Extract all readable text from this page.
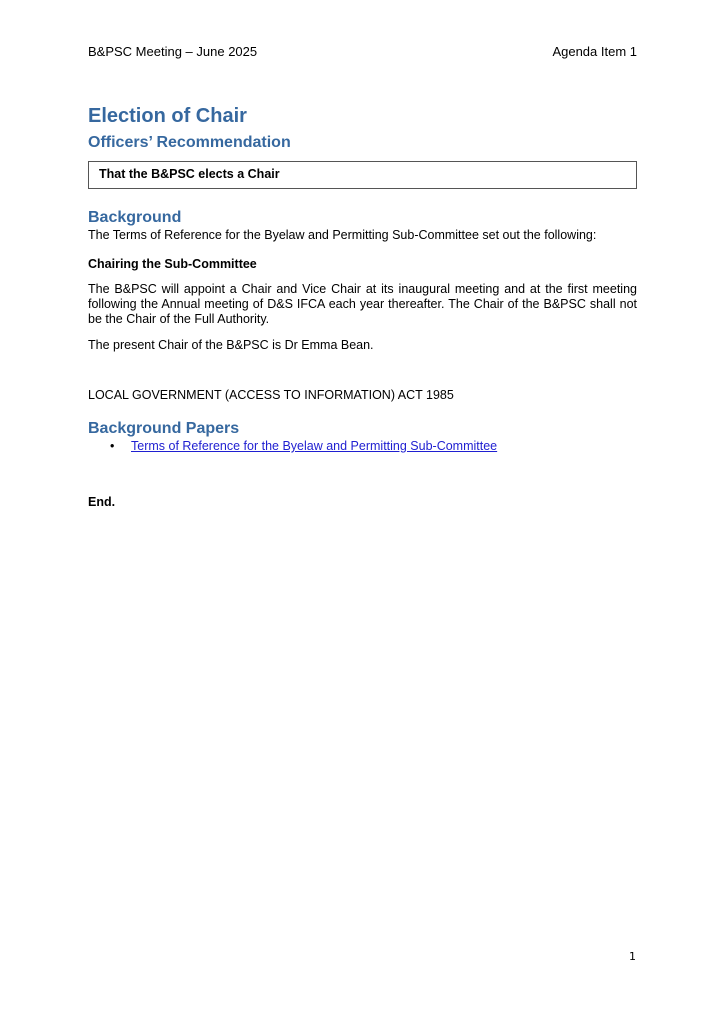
B&PSC Meeting – June 2025	Agenda Item 1
Election of Chair
Officers’ Recommendation
That the B&PSC elects a Chair
Background

The Terms of Reference for the Byelaw and Permitting Sub-Committee set out the following:

Chairing the Sub-Committee

The B&PSC will appoint a Chair and Vice Chair at its inaugural meeting and at the first meeting following the Annual meeting of D&S IFCA each year thereafter. The Chair of the B&PSC shall not be the Chair of the Full Authority.

The present Chair of the B&PSC is Dr Emma Bean.

LOCAL GOVERNMENT (ACCESS TO INFORMATION) ACT 1985

Background Papers
•	Terms of Reference for the Byelaw and Permitting Sub-Committee

End.

1
